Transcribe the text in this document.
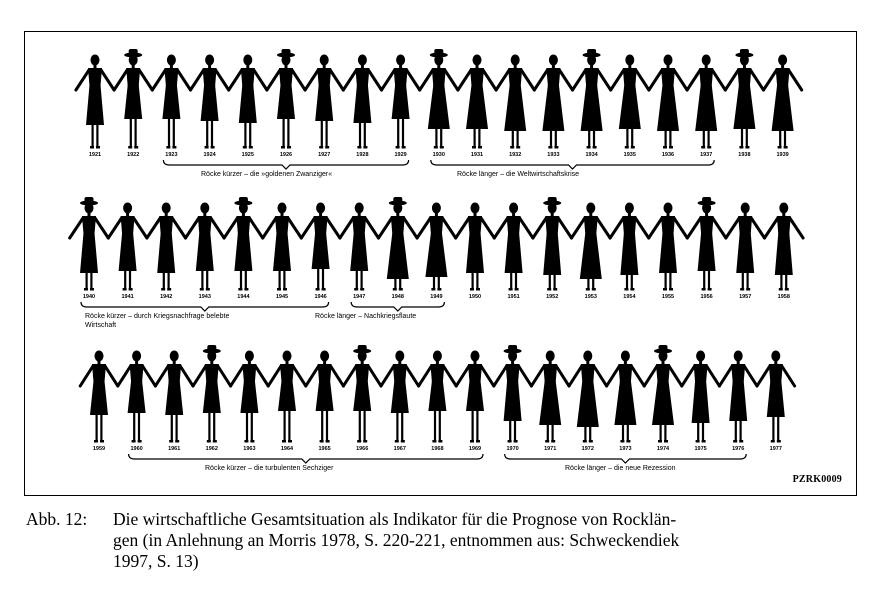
1921	1922	1923	1924	1925	1926	1927	1928	1929	1930	1931	1932	1933	1934	1935	1936	1937	1938	1939
Röcke kürzer – die »goldenen Zwanziger«	Röcke länger – die Weltwirtschaftskrise
1940	1941	1942	1943	1944	1945	1946	1947	1948	1949	1950	1951	1952	1953	1954	1955	1956	1957	1958
Röcke kürzer – durch Kriegsnachfrage belebte
Wirtschaft
Röcke länger – Nachkriegsflaute
1959	1960	1961	1962	1963	1964	1965	1966	1967	1968	1969	1970	1971	1972	1973	1974	1975	1976	1977
Röcke kürzer – die turbulenten Sechziger	Röcke länger – die neue Rezession
PZRK0009
Abb. 12: Die wirtschaftliche Gesamtsituation als Indikator für die Prognose von Rocklän-
gen (in Anlehnung an Morris 1978, S. 220-221, entnommen aus: Schweckendiek
1997, S. 13)
